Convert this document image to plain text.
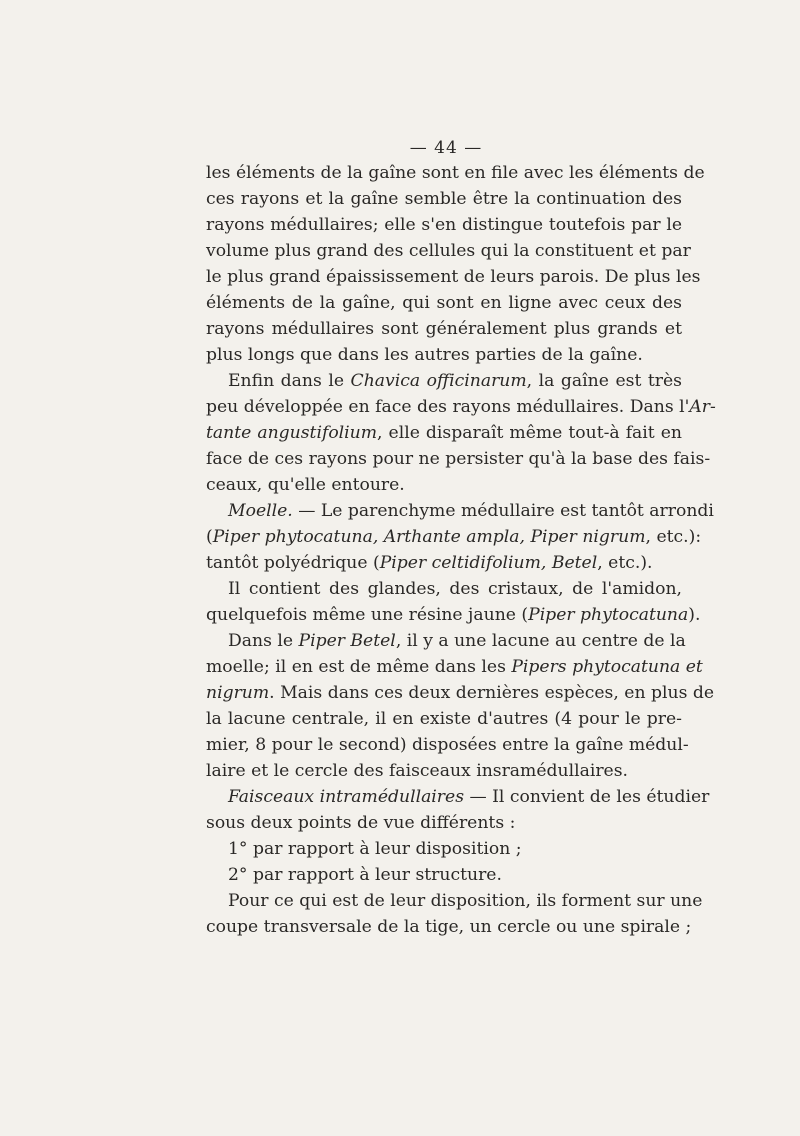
— 44 —
les éléments de la gaîne sont en file avec les éléments de
ces rayons et la gaîne semble être la continuation des
rayons médullaires; elle s'en distingue toutefois par le
volume plus grand des cellules qui la constituent et par
le plus grand épaississement de leurs parois. De plus les
éléments de la gaîne, qui sont en ligne avec ceux des
rayons médullaires sont généralement plus grands et
plus longs que dans les autres parties de la gaîne.
Enfin dans le Chavica officinarum, la gaîne est très
peu développée en face des rayons médullaires. Dans l'Ar-
tante angustifolium, elle disparaît même tout-à fait en
face de ces rayons pour ne persister qu'à la base des fais-
ceaux, qu'elle entoure.
Moelle. — Le parenchyme médullaire est tantôt arrondi
(Piper phytocatuna, Arthante ampla, Piper nigrum, etc.):
tantôt polyédrique (Piper celtidifolium, Betel, etc.).
Il contient des glandes, des cristaux, de l'amidon,
quelquefois même une résine jaune (Piper phytocatuna).
Dans le Piper Betel, il y a une lacune au centre de la
moelle; il en est de même dans les Pipers phytocatuna et
nigrum. Mais dans ces deux dernières espèces, en plus de
la lacune centrale, il en existe d'autres (4 pour le pre-
mier, 8 pour le second) disposées entre la gaîne médul-
laire et le cercle des faisceaux insramédullaires.
Faisceaux intramédullaires — Il convient de les étudier
sous deux points de vue différents :
1° par rapport à leur disposition ;
2° par rapport à leur structure.
Pour ce qui est de leur disposition, ils forment sur une
coupe transversale de la tige, un cercle ou une spirale ;
